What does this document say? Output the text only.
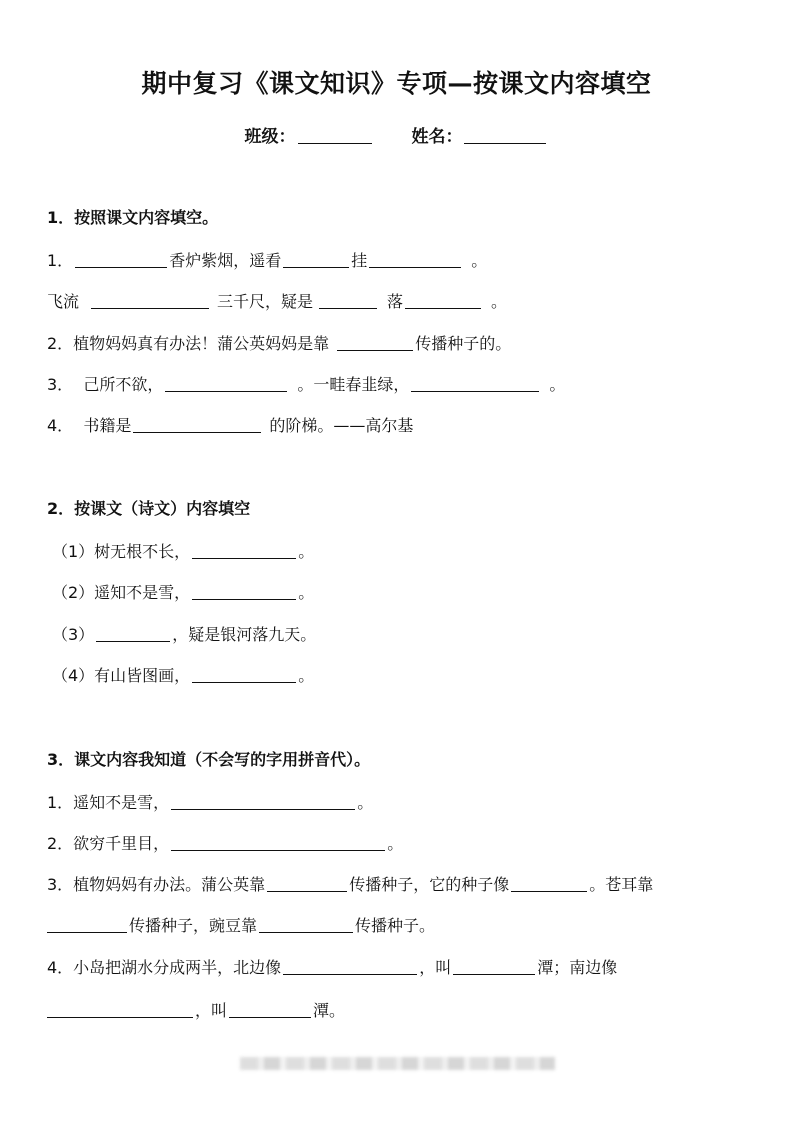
期中复习《课文知识》专项—按课文内容填空
班级：	姓名：
1．按照课文内容填空。
1．	香炉紫烟，遥看	挂	。
飞流	三千尺，疑是	落	。
2．植物妈妈真有办法！蒲公英妈妈是靠	传播种子的。
3．  己所不欲，	。一畦春韭绿，	。
4．  书籍是	的阶梯。——高尔基
2．按课文（诗文）内容填空
（1）树无根不长，	。
（2）遥知不是雪，	。
（3）	，疑是银河落九天。
（4）有山皆图画，	。
3．课文内容我知道（不会写的字用拼音代）。
1．遥知不是雪，	。
2．欲穷千里目，	。
3．植物妈妈有办法。蒲公英靠	传播种子，它的种子像	。苍耳靠
传播种子，豌豆靠	传播种子。
4．小岛把湖水分成两半，北边像	，叫	潭；南边像
，叫	潭。
